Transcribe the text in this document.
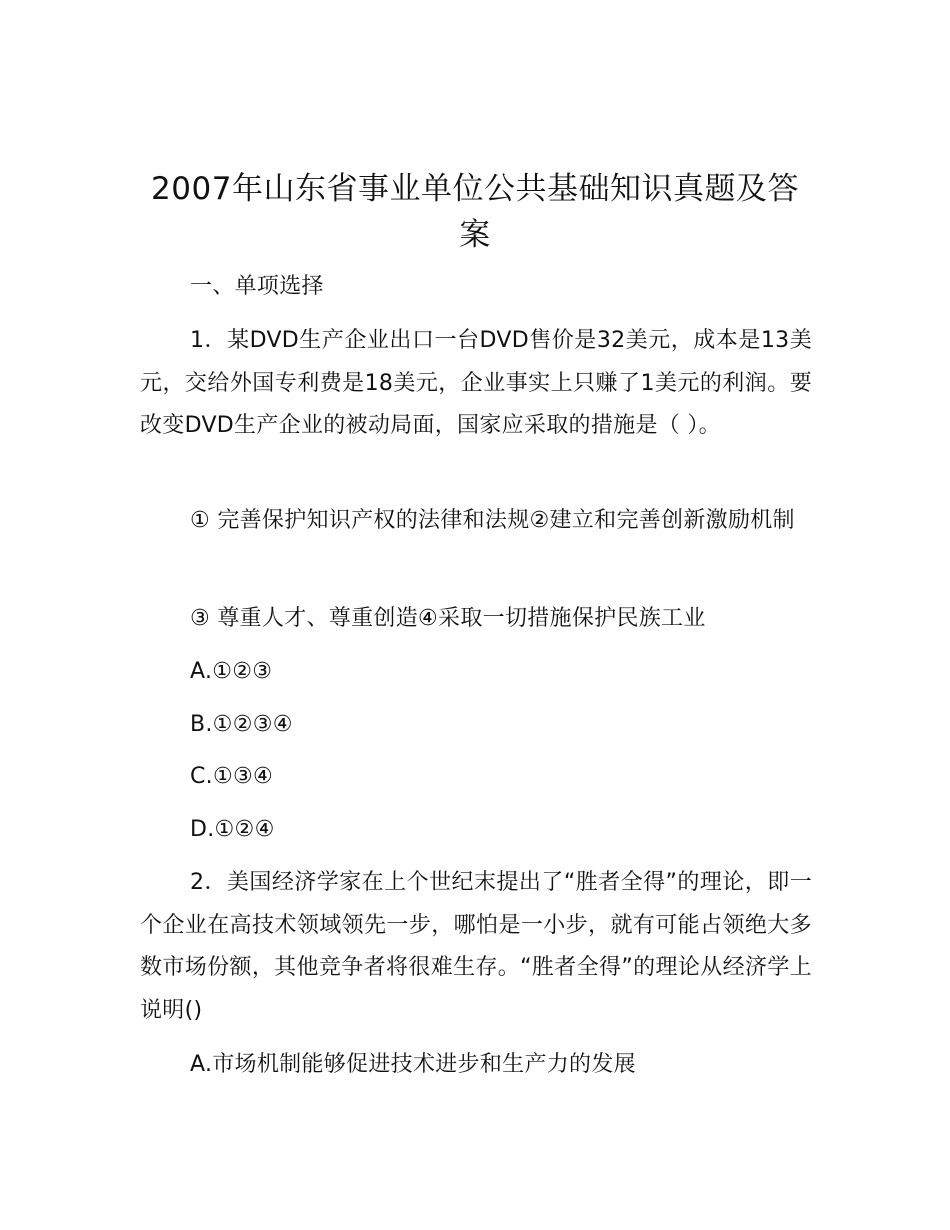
2007年山东省事业单位公共基础知识真题及答案

一、单项选择

1．某DVD生产企业出口一台DVD售价是32美元，成本是13美元，交给外国专利费是18美元，企业事实上只赚了1美元的利润。要改变DVD生产企业的被动局面，国家应采取的措施是（ ）。

① 完善保护知识产权的法律和法规②建立和完善创新激励机制

③ 尊重人才、尊重创造④采取一切措施保护民族工业

A.①②③

B.①②③④

C.①③④

D.①②④

2．美国经济学家在上个世纪末提出了“胜者全得”的理论，即一个企业在高技术领域领先一步，哪怕是一小步，就有可能占领绝大多数市场份额，其他竞争者将很难生存。“胜者全得”的理论从经济学上说明()

A.市场机制能够促进技术进步和生产力的发展
